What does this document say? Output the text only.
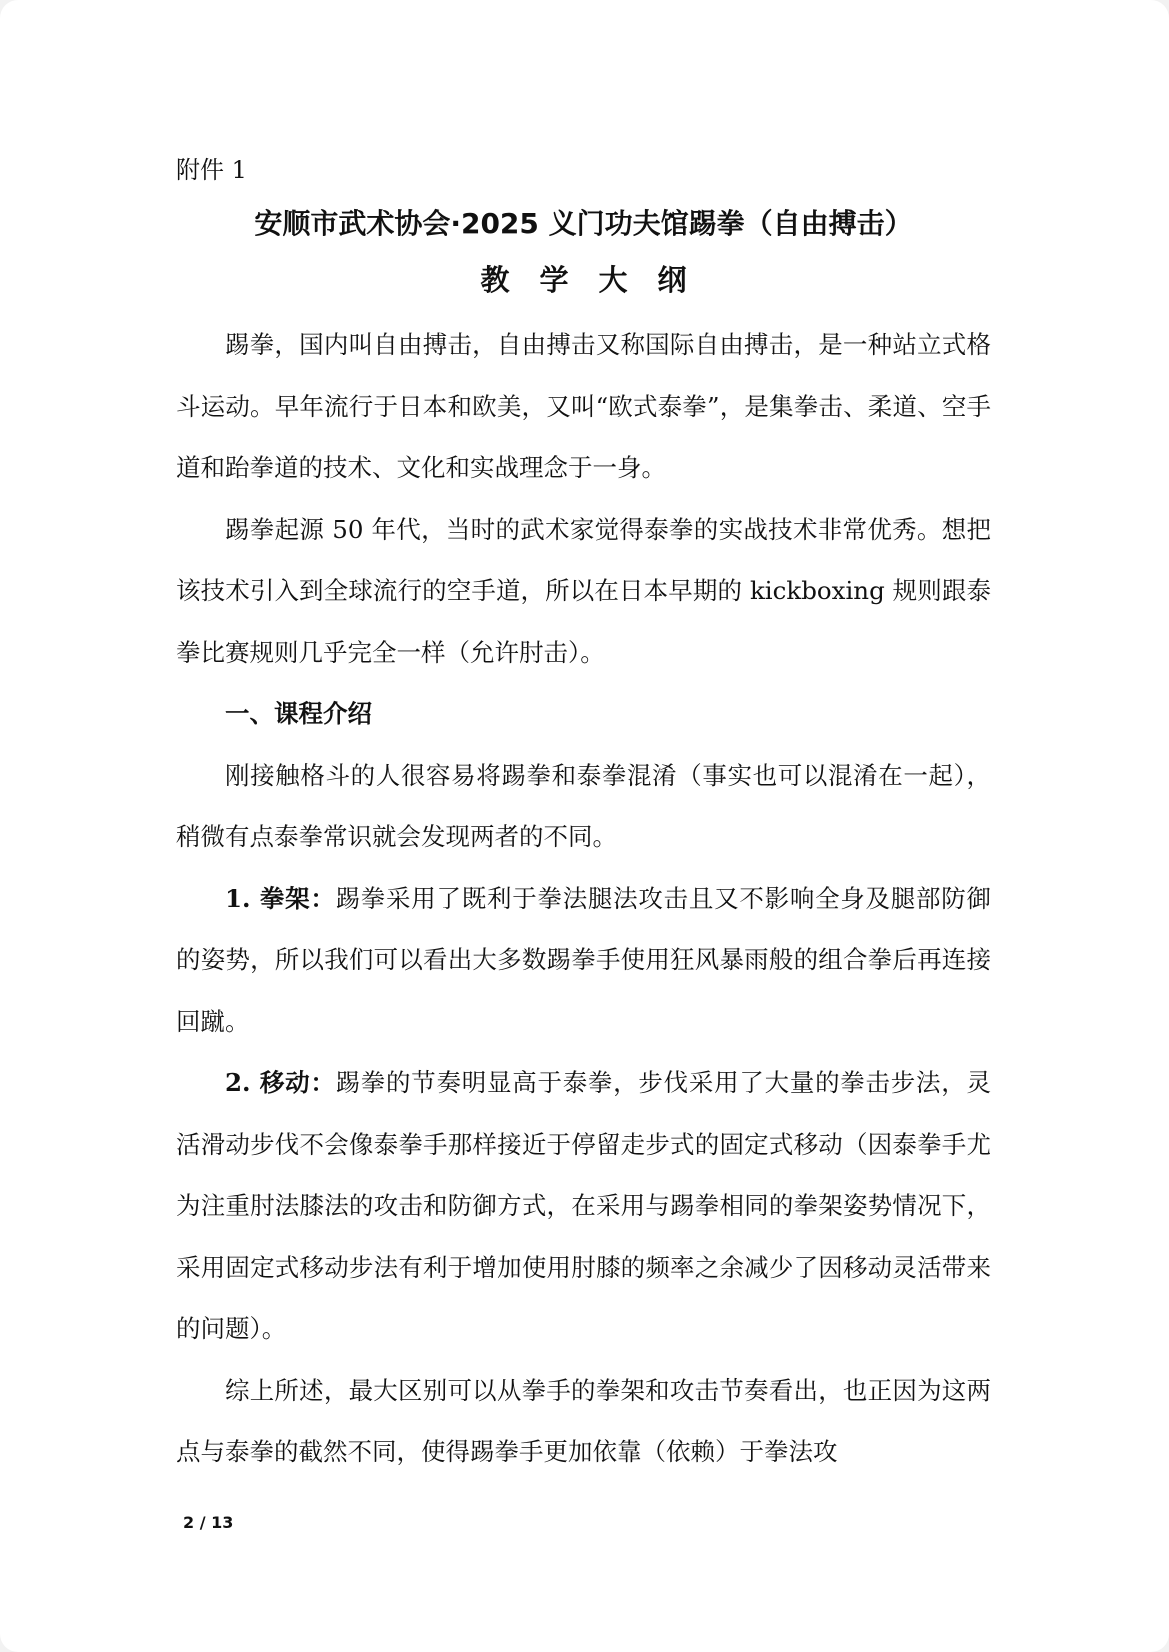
附件 1
安顺市武术协会·2025 义门功夫馆踢拳（自由搏击）
教学大纲

踢拳，国内叫自由搏击，自由搏击又称国际自由搏击，是一种站立式格斗运动。早年流行于日本和欧美，又叫“欧式泰拳”，是集拳击、柔道、空手道和跆拳道的技术、文化和实战理念于一身。

踢拳起源 50 年代，当时的武术家觉得泰拳的实战技术非常优秀。想把该技术引入到全球流行的空手道，所以在日本早期的 kickboxing 规则跟泰拳比赛规则几乎完全一样（允许肘击）。

一、课程介绍

刚接触格斗的人很容易将踢拳和泰拳混淆（事实也可以混淆在一起），稍微有点泰拳常识就会发现两者的不同。

1. 拳架：踢拳采用了既利于拳法腿法攻击且又不影响全身及腿部防御的姿势，所以我们可以看出大多数踢拳手使用狂风暴雨般的组合拳后再连接回蹴。

2. 移动：踢拳的节奏明显高于泰拳，步伐采用了大量的拳击步法，灵活滑动步伐不会像泰拳手那样接近于停留走步式的固定式移动（因泰拳手尤为注重肘法膝法的攻击和防御方式，在采用与踢拳相同的拳架姿势情况下，采用固定式移动步法有利于增加使用肘膝的频率之余减少了因移动灵活带来的问题）。

综上所述，最大区别可以从拳手的拳架和攻击节奏看出，也正因为这两点与泰拳的截然不同，使得踢拳手更加依靠（依赖）于拳法攻

2 / 13
